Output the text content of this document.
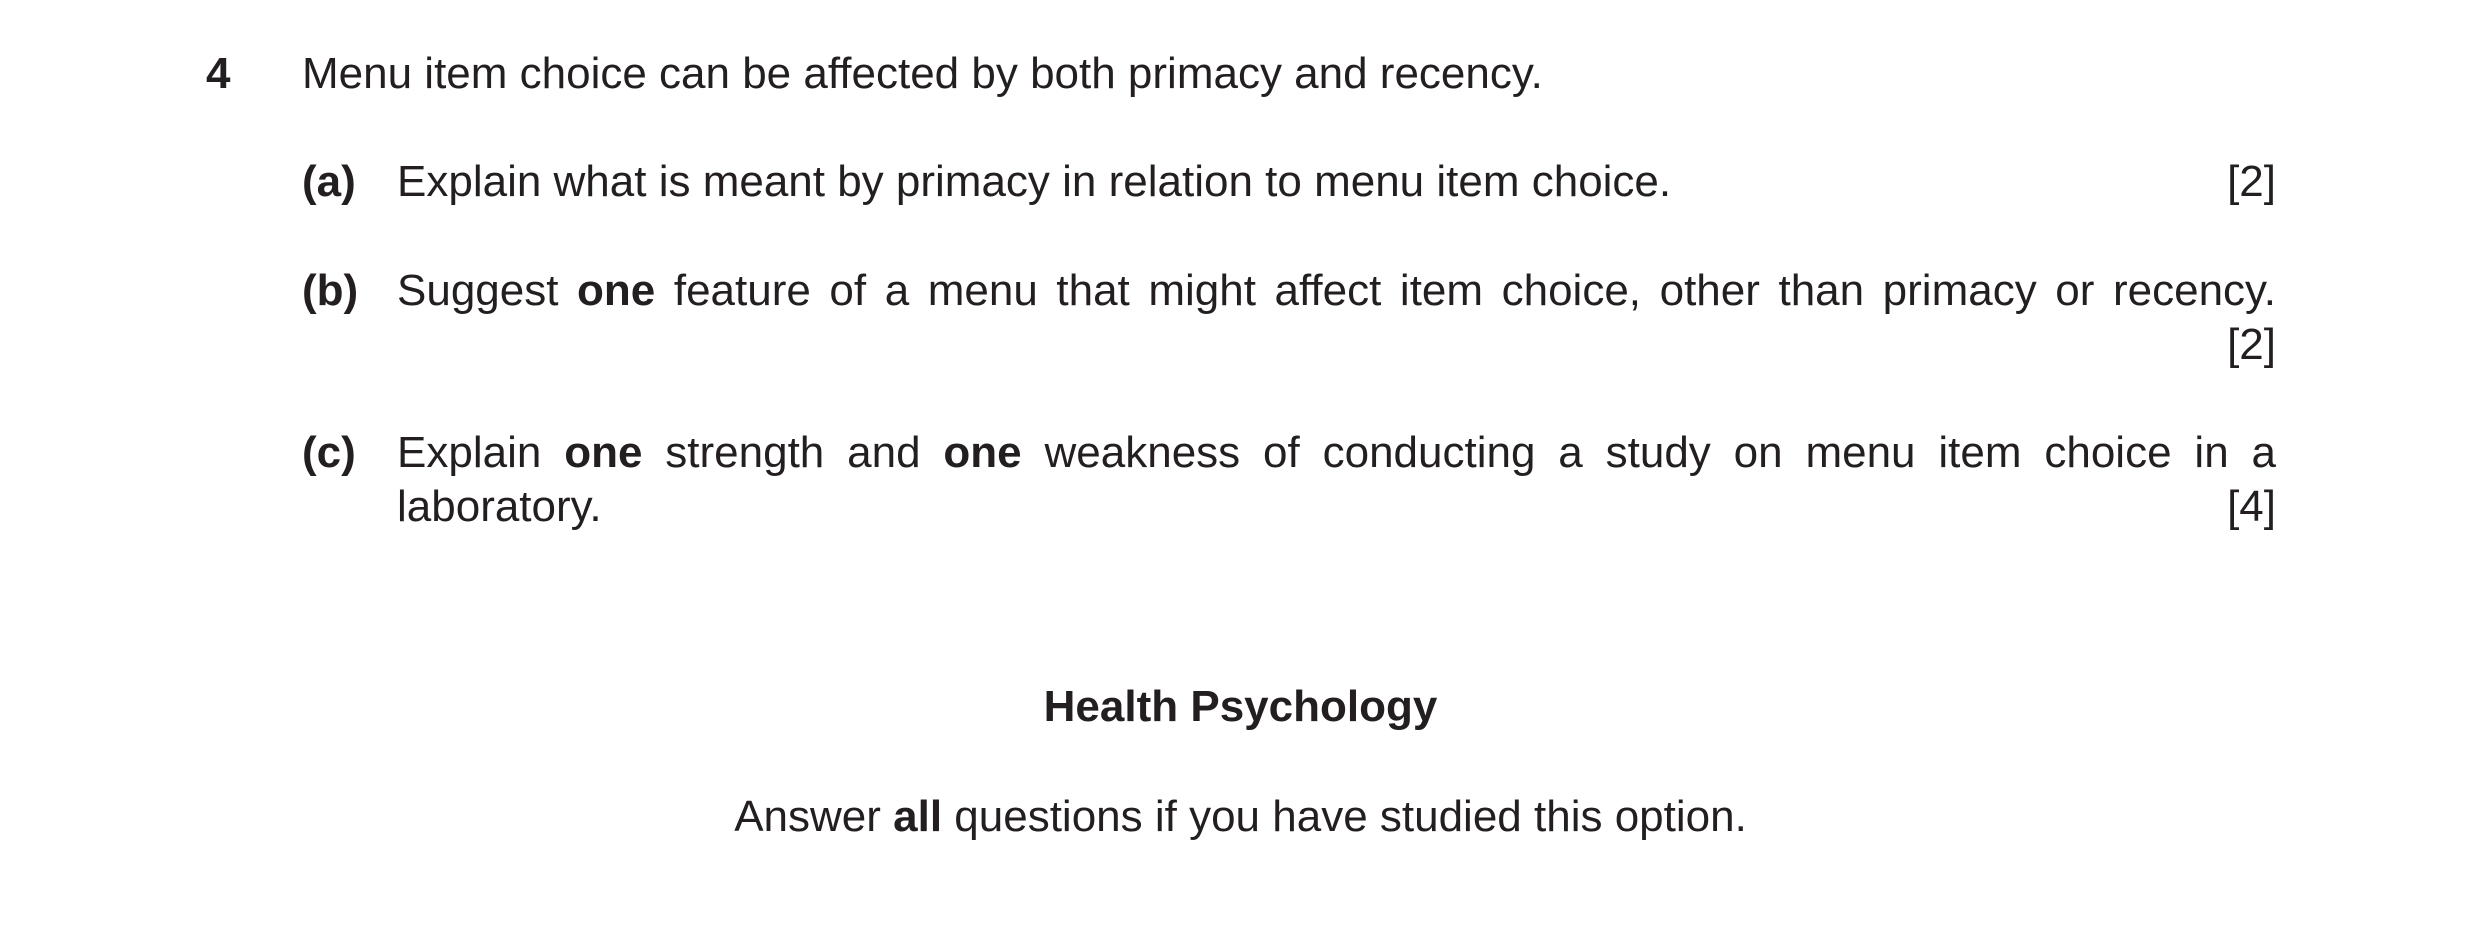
4 Menu item choice can be affected by both primacy and recency.
(a) Explain what is meant by primacy in relation to menu item choice.	[2]
(b) Suggest one feature of a menu that might affect item choice, other than primacy or recency.
[2]
(c) Explain one strength and one weakness of conducting a study on menu item choice in a
laboratory.	[4]
Health Psychology
Answer all questions if you have studied this option.
